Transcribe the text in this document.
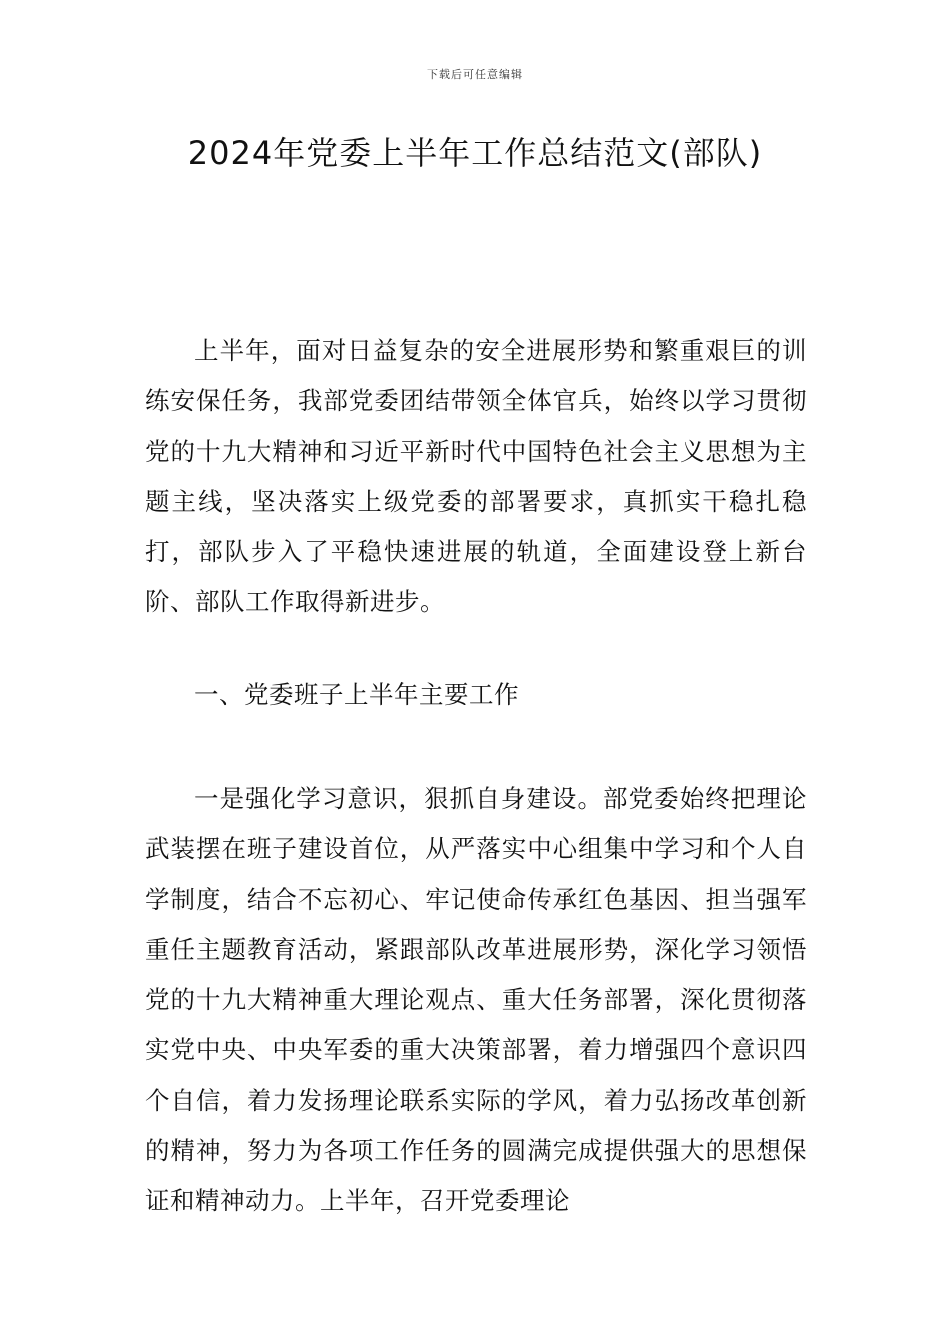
下载后可任意编辑
2024年党委上半年工作总结范文(部队)

上半年，面对日益复杂的安全进展形势和繁重艰巨的训练安保任务，我部党委团结带领全体官兵，始终以学习贯彻党的十九大精神和习近平新时代中国特色社会主义思想为主题主线，坚决落实上级党委的部署要求，真抓实干稳扎稳打，部队步入了平稳快速进展的轨道，全面建设登上新台阶、部队工作取得新进步。

一、党委班子上半年主要工作

一是强化学习意识，狠抓自身建设。部党委始终把理论武装摆在班子建设首位，从严落实中心组集中学习和个人自学制度，结合不忘初心、牢记使命传承红色基因、担当强军重任主题教育活动，紧跟部队改革进展形势，深化学习领悟党的十九大精神重大理论观点、重大任务部署，深化贯彻落实党中央、中央军委的重大决策部署，着力增强四个意识四个自信，着力发扬理论联系实际的学风，着力弘扬改革创新的精神，努力为各项工作任务的圆满完成提供强大的思想保证和精神动力。上半年，召开党委理论
